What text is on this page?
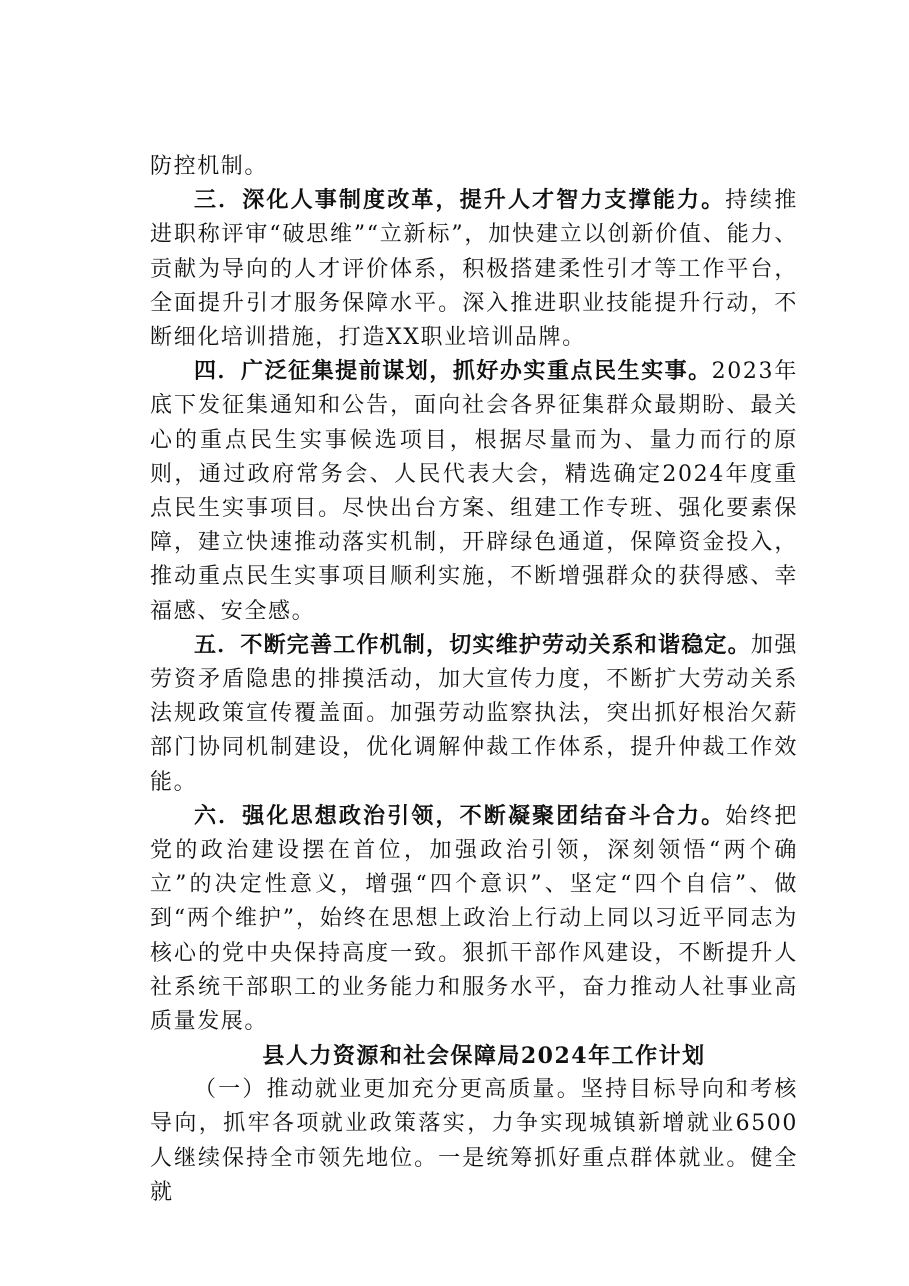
防控机制。

三．深化人事制度改革，提升人才智力支撑能力。持续推进职称评审“破思维”“立新标”，加快建立以创新价值、能力、贡献为导向的人才评价体系，积极搭建柔性引才等工作平台，全面提升引才服务保障水平。深入推进职业技能提升行动，不断细化培训措施，打造XX职业培训品牌。

四．广泛征集提前谋划，抓好办实重点民生实事。2023年底下发征集通知和公告，面向社会各界征集群众最期盼、最关心的重点民生实事候选项目，根据尽量而为、量力而行的原则，通过政府常务会、人民代表大会，精选确定2024年度重点民生实事项目。尽快出台方案、组建工作专班、强化要素保障，建立快速推动落实机制，开辟绿色通道，保障资金投入，推动重点民生实事项目顺利实施，不断增强群众的获得感、幸福感、安全感。

五．不断完善工作机制，切实维护劳动关系和谐稳定。加强劳资矛盾隐患的排摸活动，加大宣传力度，不断扩大劳动关系法规政策宣传覆盖面。加强劳动监察执法，突出抓好根治欠薪部门协同机制建设，优化调解仲裁工作体系，提升仲裁工作效能。

六．强化思想政治引领，不断凝聚团结奋斗合力。始终把党的政治建设摆在首位，加强政治引领，深刻领悟“两个确立”的决定性意义，增强“四个意识”、坚定“四个自信”、做到“两个维护”，始终在思想上政治上行动上同以习近平同志为核心的党中央保持高度一致。狠抓干部作风建设，不断提升人社系统干部职工的业务能力和服务水平，奋力推动人社事业高质量发展。

县人力资源和社会保障局2024年工作计划

（一）推动就业更加充分更高质量。坚持目标导向和考核导向，抓牢各项就业政策落实，力争实现城镇新增就业6500人继续保持全市领先地位。一是统筹抓好重点群体就业。健全就
